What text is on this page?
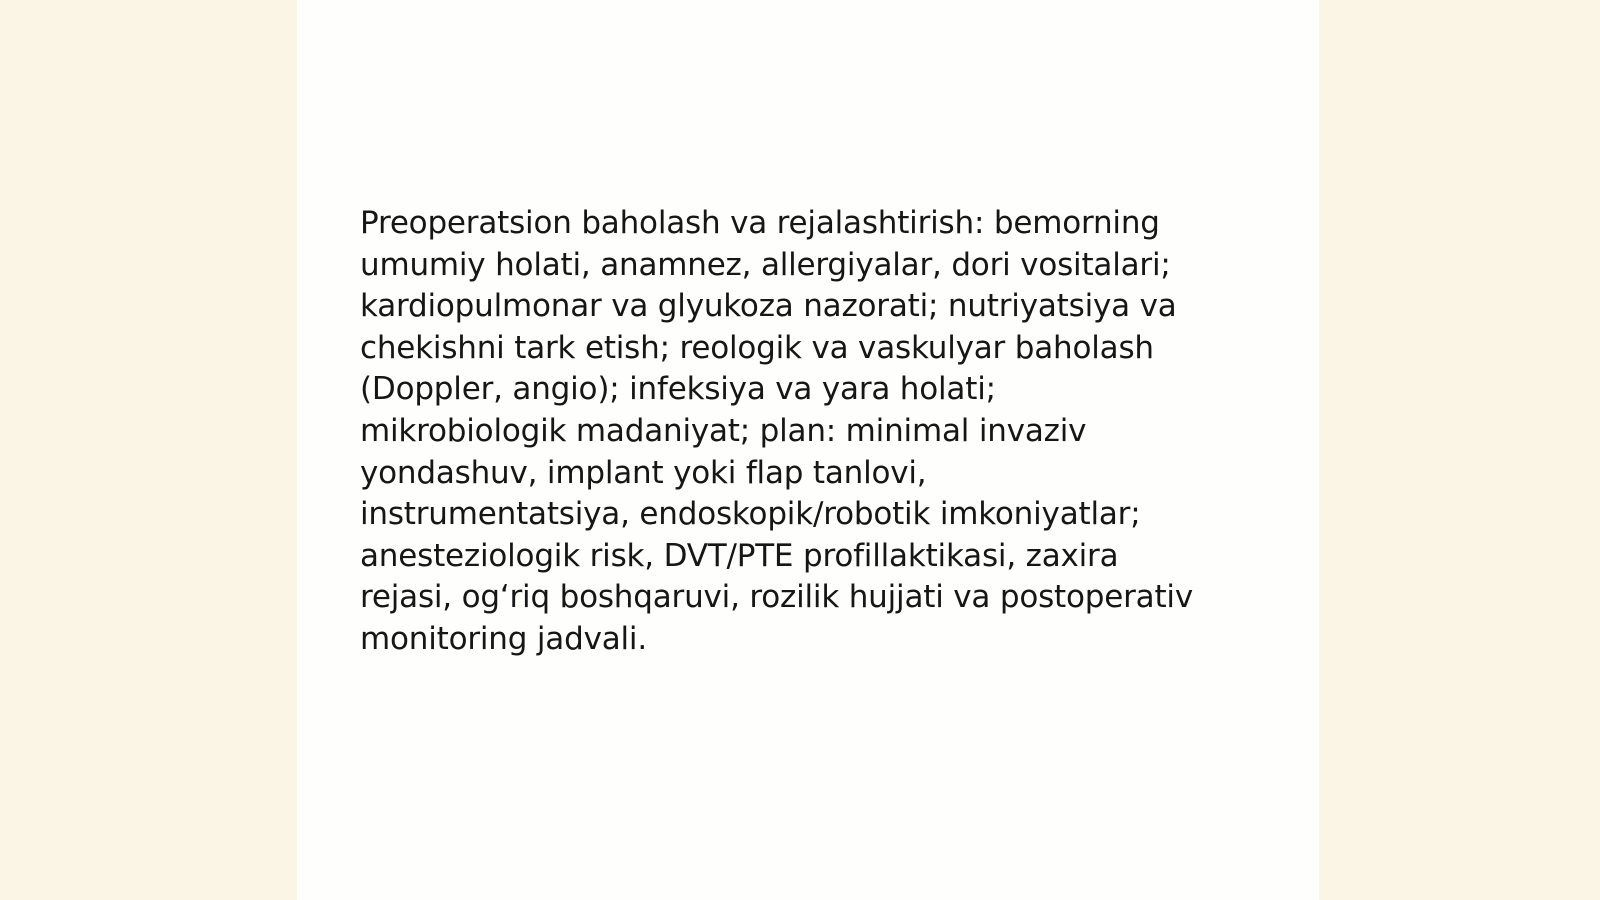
Preoperatsion baholash va rejalashtirish: bemorning
umumiy holati, anamnez, allergiyalar, dori vositalari;
kardiopulmonar va glyukoza nazorati; nutriyatsiya va
chekishni tark etish; reologik va vaskulyar baholash
(Doppler, angio); infeksiya va yara holati;
mikrobiologik madaniyat; plan: minimal invaziv
yondashuv, implant yoki flap tanlovi,
instrumentatsiya, endoskopik/robotik imkoniyatlar;
anesteziologik risk, DVT/PTE profillaktikasi, zaxira
rejasi, og‘riq boshqaruvi, rozilik hujjati va postoperativ
monitoring jadvali.
